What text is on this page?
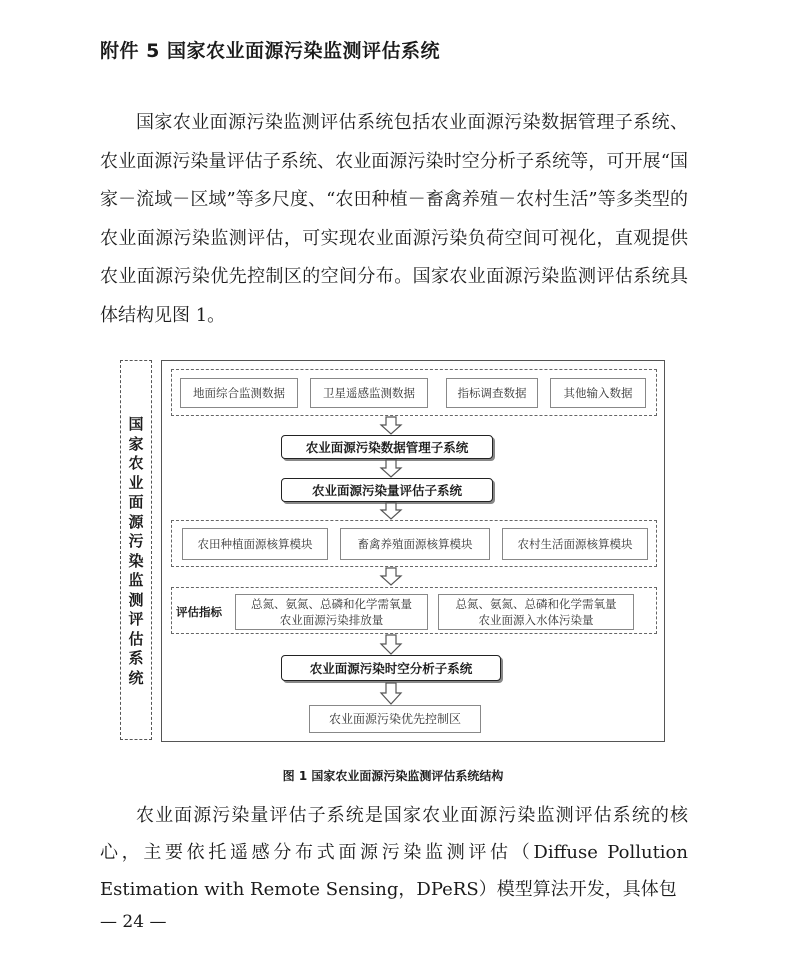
附件 5 国家农业面源污染监测评估系统

国家农业面源污染监测评估系统包括农业面源污染数据管理子系统、农业面源污染量评估子系统、农业面源污染时空分析子系统等，可开展“国家－流域－区域”等多尺度、“农田种植－畜禽养殖－农村生活”等多类型的农业面源污染监测评估，可实现农业面源污染负荷空间可视化，直观提供农业面源污染优先控制区的空间分布。国家农业面源污染监测评估系统具体结构见图 1。

国家农业面源污染监测评估系统
地面综合监测数据	卫星遥感监测数据	指标调查数据	其他输入数据
农业面源污染数据管理子系统
农业面源污染量评估子系统
农田种植面源核算模块	畜禽养殖面源核算模块	农村生活面源核算模块
评估指标
总氮、氨氮、总磷和化学需氧量
农业面源污染排放量
总氮、氨氮、总磷和化学需氧量
农业面源入水体污染量
农业面源污染时空分析子系统
农业面源污染优先控制区
图 1 国家农业面源污染监测评估系统结构

农业面源污染量评估子系统是国家农业面源污染监测评估系统的核心，主要依托遥感分布式面源污染监测评估（Diffuse Pollution Estimation with Remote Sensing，DPeRS）模型算法开发，具体包

— 24 —
